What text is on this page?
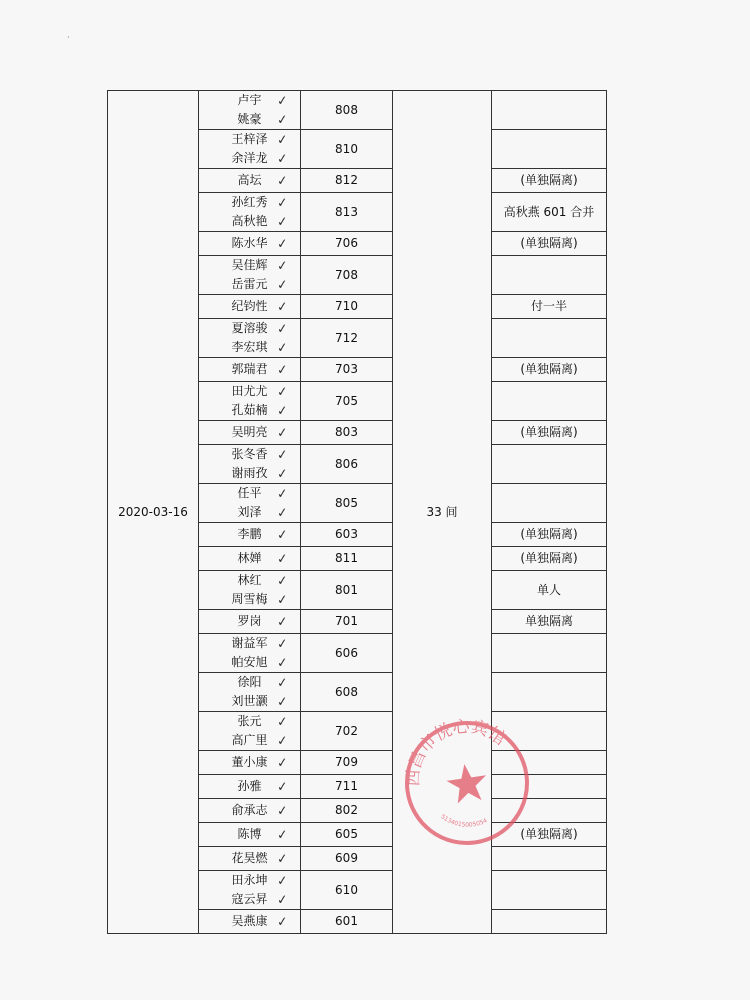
·
2020-03-16	卢宇 ✓
姚豪 ✓	808	33 间	

	王梓泽 ✓
余洋龙 ✓	810		

	高坛 ✓	812		(单独隔离)

	孙红秀 ✓
高秋艳 ✓	813		高秋燕 601 合并

	陈水华 ✓	706		(单独隔离)

	吴佳辉 ✓
岳雷元 ✓	708		

	纪钧性 ✓	710		付一半

	夏溶骏 ✓
李宏琪 ✓	712		

	郭瑞君 ✓	703		(单独隔离)

	田尤尤 ✓
孔茹楠 ✓	705		

	吴明亮 ✓	803		(单独隔离)

	张冬香 ✓
谢雨孜 ✓	806		

	任平 ✓
刘泽 ✓	805		

	李鹏 ✓	603		(单独隔离)

	林婵 ✓	811		(单独隔离)

	林红 ✓
周雪梅 ✓	801		单人

	罗岗 ✓	701		单独隔离

	谢益军 ✓
帕安旭 ✓	606		

	徐阳 ✓
刘世灏 ✓	608		

	张元 ✓
高广里 ✓	702		

	董小康 ✓	709		

	孙雅 ✓	711		

	俞承志 ✓	802		

	陈博 ✓	605		(单独隔离)

	花昊燃 ✓	609		

	田永坤 ✓
寇云昇 ✓	610		

	吴燕康 ✓	601		
西昌市悦心宾馆
5134015005054
